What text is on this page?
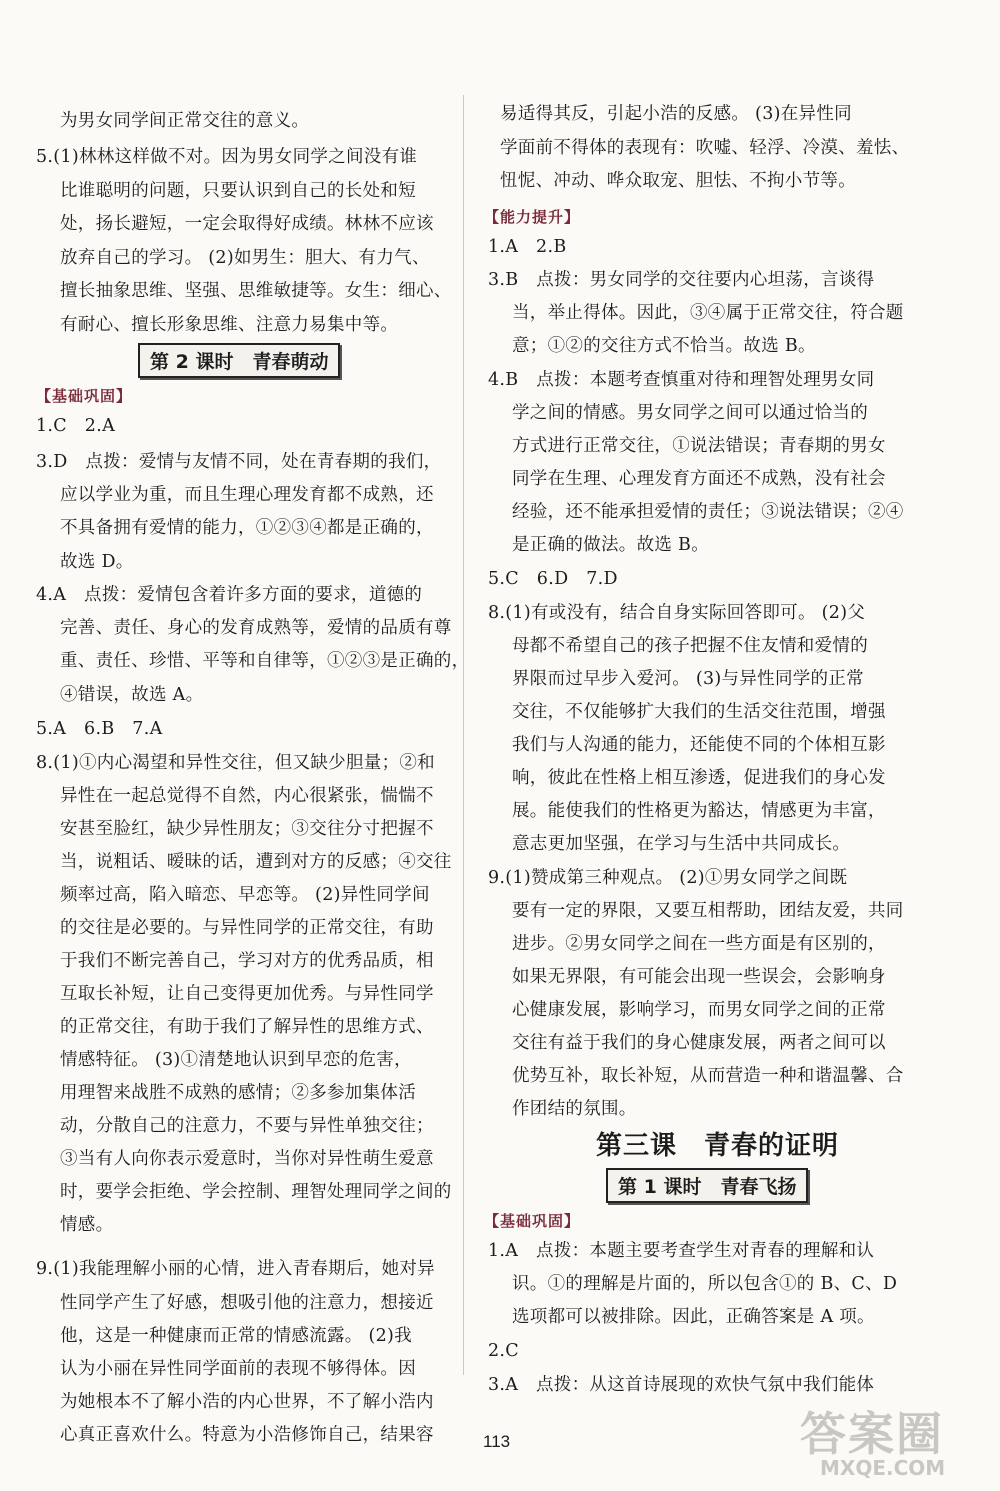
为男女同学间正常交往的意义。
5.(1)林林这样做不对。因为男女同学之间没有谁
比谁聪明的问题，只要认识到自己的长处和短
处，扬长避短，一定会取得好成绩。林林不应该
放弃自己的学习。 (2)如男生：胆大、有力气、
擅长抽象思维、坚强、思维敏捷等。女生：细心、
有耐心、擅长形象思维、注意力易集中等。
第 2 课时　青春萌动
【基础巩固】
1.C　2.A
3.D　点拨：爱情与友情不同，处在青春期的我们，
应以学业为重，而且生理心理发育都不成熟，还
不具备拥有爱情的能力，①②③④都是正确的，
故选 D。
4.A　点拨：爱情包含着许多方面的要求，道德的
完善、责任、身心的发育成熟等，爱情的品质有尊
重、责任、珍惜、平等和自律等，①②③是正确的，
④错误，故选 A。
5.A　6.B　7.A
8.(1)①内心渴望和异性交往，但又缺少胆量；②和
异性在一起总觉得不自然，内心很紧张，惴惴不
安甚至脸红，缺少异性朋友；③交往分寸把握不
当，说粗话、暧昧的话，遭到对方的反感；④交往
频率过高，陷入暗恋、早恋等。 (2)异性同学间
的交往是必要的。与异性同学的正常交往，有助
于我们不断完善自己，学习对方的优秀品质，相
互取长补短，让自己变得更加优秀。与异性同学
的正常交往，有助于我们了解异性的思维方式、
情感特征。 (3)①清楚地认识到早恋的危害，
用理智来战胜不成熟的感情；②多参加集体活
动，分散自己的注意力，不要与异性单独交往；
③当有人向你表示爱意时，当你对异性萌生爱意
时，要学会拒绝、学会控制、理智处理同学之间的
情感。
9.(1)我能理解小丽的心情，进入青春期后，她对异
性同学产生了好感，想吸引他的注意力，想接近
他，这是一种健康而正常的情感流露。 (2)我
认为小丽在异性同学面前的表现不够得体。因
为她根本不了解小浩的内心世界，不了解小浩内
心真正喜欢什么。特意为小浩修饰自己，结果容
易适得其反，引起小浩的反感。 (3)在异性同
学面前不得体的表现有：吹嘘、轻浮、冷漠、羞怯、
忸怩、冲动、哗众取宠、胆怯、不拘小节等。
【能力提升】
1.A　2.B
3.B　点拨：男女同学的交往要内心坦荡，言谈得
当，举止得体。因此，③④属于正常交往，符合题
意；①②的交往方式不恰当。故选 B。
4.B　点拨：本题考查慎重对待和理智处理男女同
学之间的情感。男女同学之间可以通过恰当的
方式进行正常交往，①说法错误；青春期的男女
同学在生理、心理发育方面还不成熟，没有社会
经验，还不能承担爱情的责任；③说法错误；②④
是正确的做法。故选 B。
5.C　6.D　7.D
8.(1)有或没有，结合自身实际回答即可。 (2)父
母都不希望自己的孩子把握不住友情和爱情的
界限而过早步入爱河。 (3)与异性同学的正常
交往，不仅能够扩大我们的生活交往范围，增强
我们与人沟通的能力，还能使不同的个体相互影
响，彼此在性格上相互渗透，促进我们的身心发
展。能使我们的性格更为豁达，情感更为丰富，
意志更加坚强，在学习与生活中共同成长。
9.(1)赞成第三种观点。 (2)①男女同学之间既
要有一定的界限，又要互相帮助，团结友爱，共同
进步。②男女同学之间在一些方面是有区别的，
如果无界限，有可能会出现一些误会，会影响身
心健康发展，影响学习，而男女同学之间的正常
交往有益于我们的身心健康发展，两者之间可以
优势互补，取长补短，从而营造一种和谐温馨、合
作团结的氛围。
第三课　青春的证明
第 1 课时　青春飞扬
【基础巩固】
1.A　点拨：本题主要考查学生对青春的理解和认
识。①的理解是片面的，所以包含①的 B、C、D
选项都可以被排除。因此，正确答案是 A 项。
2.C
3.A　点拨：从这首诗展现的欢快气氛中我们能体
113	答案圈
MXQE.COM
